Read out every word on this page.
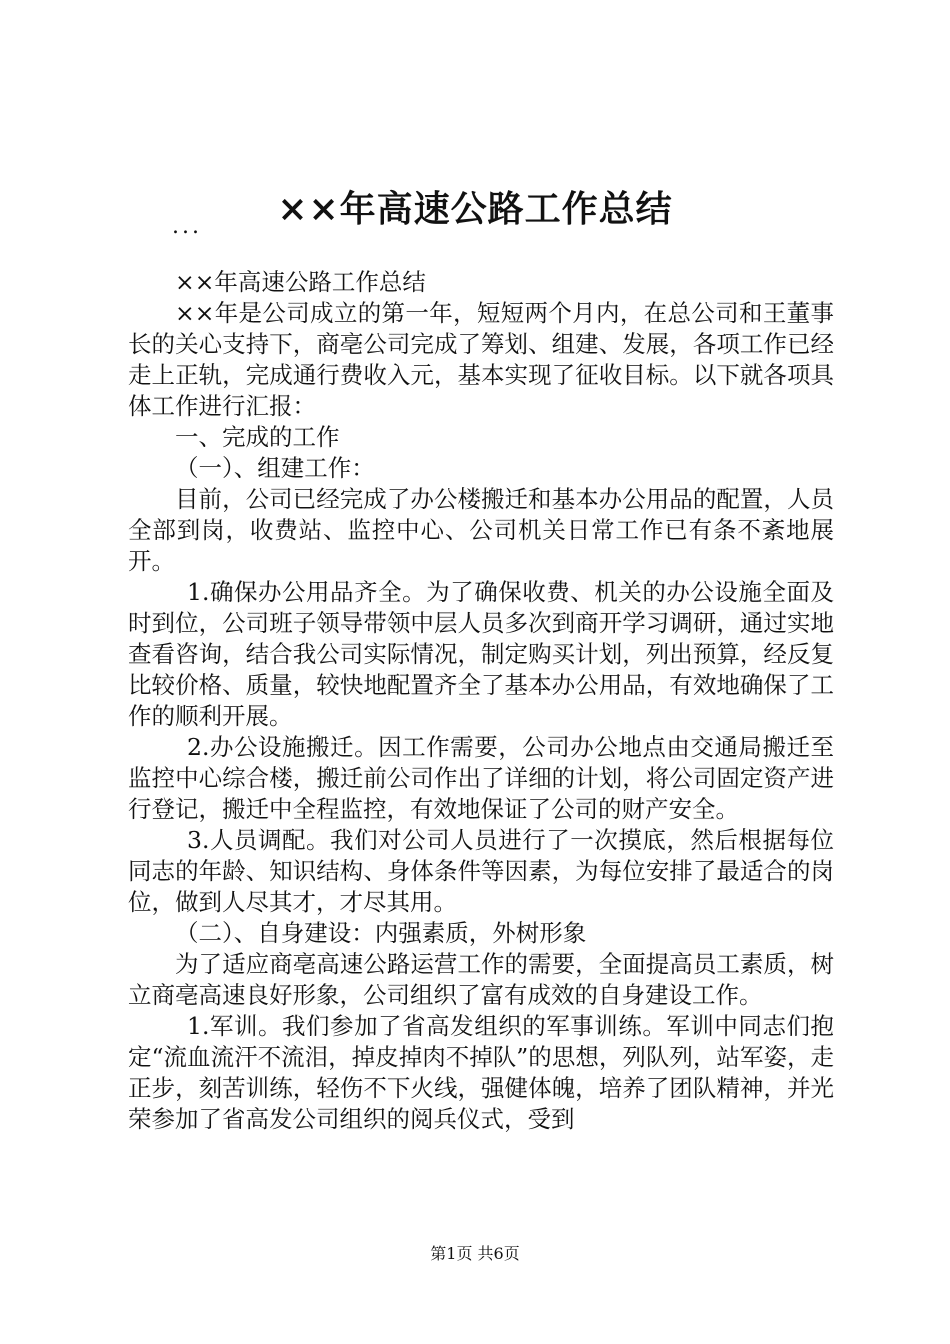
××年高速公路工作总结
...

××年高速公路工作总结

××年是公司成立的第一年，短短两个月内，在总公司和王董事长的关心支持下，商亳公司完成了筹划、组建、发展，各项工作已经走上正轨，完成通行费收入元，基本实现了征收目标。以下就各项具体工作进行汇报：

一、完成的工作

（一）、组建工作：

目前，公司已经完成了办公楼搬迁和基本办公用品的配置，人员全部到岗，收费站、监控中心、公司机关日常工作已有条不紊地展开。

1.确保办公用品齐全。为了确保收费、机关的办公设施全面及时到位，公司班子领导带领中层人员多次到商开学习调研，通过实地查看咨询，结合我公司实际情况，制定购买计划，列出预算，经反复比较价格、质量，较快地配置齐全了基本办公用品，有效地确保了工作的顺利开展。

2.办公设施搬迁。因工作需要，公司办公地点由交通局搬迁至监控中心综合楼，搬迁前公司作出了详细的计划，将公司固定资产进行登记，搬迁中全程监控，有效地保证了公司的财产安全。

3.人员调配。我们对公司人员进行了一次摸底，然后根据每位同志的年龄、知识结构、身体条件等因素，为每位安排了最适合的岗位，做到人尽其才，才尽其用。

（二）、自身建设：内强素质，外树形象

为了适应商亳高速公路运营工作的需要，全面提高员工素质，树立商亳高速良好形象，公司组织了富有成效的自身建设工作。

1.军训。我们参加了省高发组织的军事训练。军训中同志们抱定“流血流汗不流泪，掉皮掉肉不掉队”的思想，列队列，站军姿，走正步，刻苦训练，轻伤不下火线，强健体魄，培养了团队精神，并光荣参加了省高发公司组织的阅兵仪式，受到

第1页 共6页
